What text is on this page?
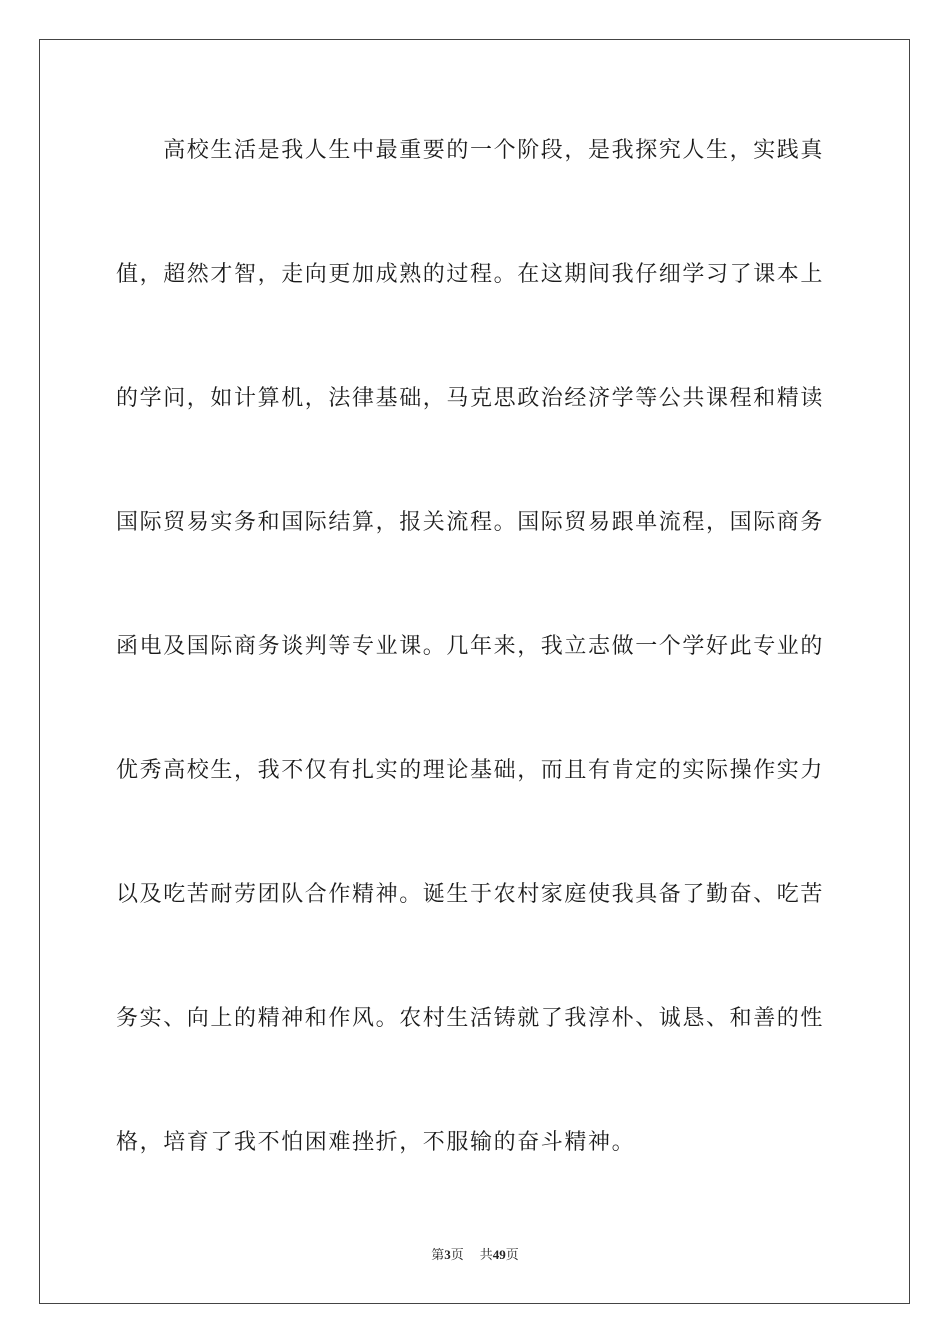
　　高校生活是我人生中最重要的一个阶段，是我探究人生，实践真
值，超然才智，走向更加成熟的过程。在这期间我仔细学习了课本上
的学问，如计算机，法律基础，马克思政治经济学等公共课程和精读
国际贸易实务和国际结算，报关流程。国际贸易跟单流程，国际商务
函电及国际商务谈判等专业课。几年来，我立志做一个学好此专业的
优秀高校生，我不仅有扎实的理论基础，而且有肯定的实际操作实力
以及吃苦耐劳团队合作精神。诞生于农村家庭使我具备了勤奋、吃苦
务实、向上的精神和作风。农村生活铸就了我淳朴、诚恳、和善的性
格，培育了我不怕困难挫折，不服输的奋斗精神。
第3页 共49页
